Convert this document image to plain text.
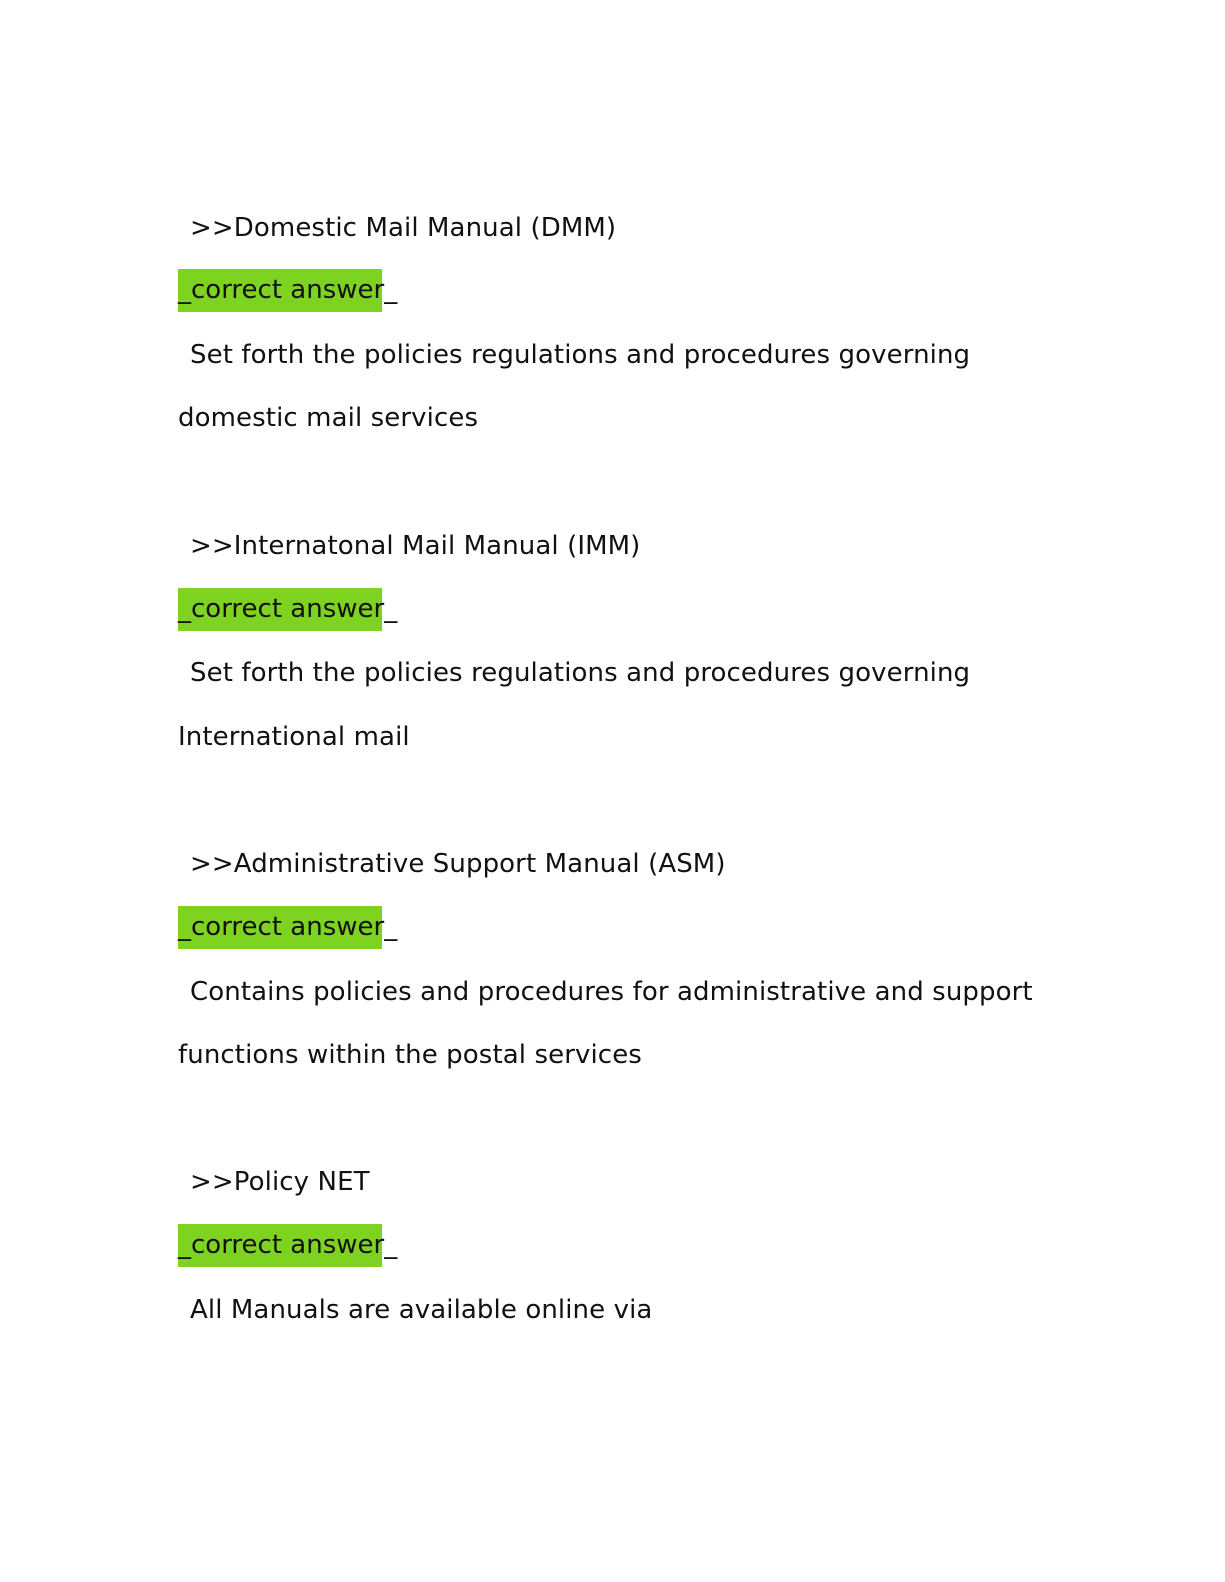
>>Domestic Mail Manual (DMM)
_correct answer_
Set forth the policies regulations and procedures governing
domestic mail services
>>Internatonal Mail Manual (IMM)
_correct answer_
Set forth the policies regulations and procedures governing
International mail
>>Administrative Support Manual (ASM)
_correct answer_
Contains policies and procedures for administrative and support
functions within the postal services
>>Policy NET
_correct answer_
All Manuals are available online via
